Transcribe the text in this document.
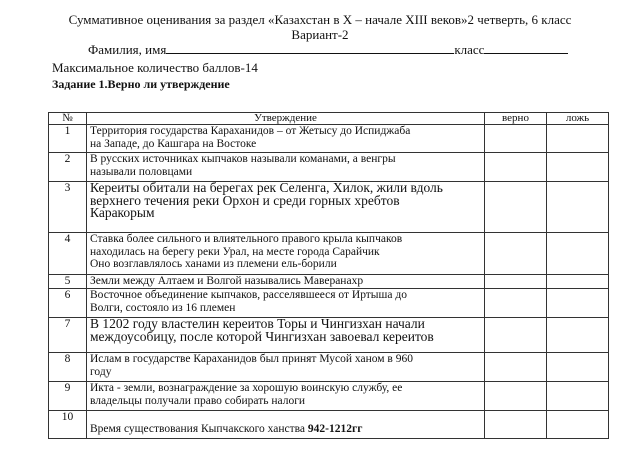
Суммативное оценивания за раздел «Казахстан в Х – начале XIII веков»2 четверть, 6 класс
Вариант-2
Фамилия, имя	класс
Максимальное количество баллов-14
Задание 1.Верно ли утверждение
№	Утверждение	верно	ложь
1	Территория государства Караханидов – от Жетысу до Испиджаба
на Западе, до Кашгара на Востоке		

2	В русских источниках кыпчаков называли команами, а венгры
называли половцами		

3	Кереиты обитали на берегах рек Селенга, Хилок, жили вдоль
верхнего течения реки Орхон и среди горных хребтов
Каракорым		

4	Ставка более сильного и влиятельного правого крыла кыпчаков
находилась на берегу реки Урал, на месте города Сарайчик
Оно возглавлялось ханами из племени ель-борили		

5	Земли между Алтаем и Волгой назывались Маверанахр		

6	Восточное объединение кыпчаков, расселявшееся от Иртыша до
Волги, состояло из 16 племен		

7	В 1202 году властелин кереитов Торы и Чингизхан начали
междоусобицу, после которой Чингизхан завоевал кереитов		

8	Ислам в государстве Караханидов был принят Мусой ханом в 960
году		

9	Икта - земли, вознаграждение за хорошую воинскую службу, ее
владельцы получали право собирать налоги		

10	Время существования Кыпчакского ханства 942-1212гг		
